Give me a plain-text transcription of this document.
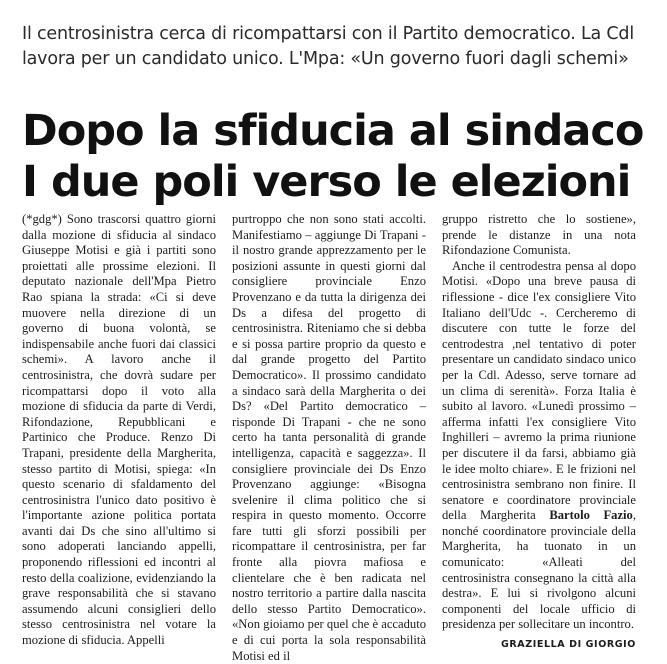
Il centrosinistra cerca di ricompattarsi con il Partito democratico. La Cdl lavora per un candidato unico. L'Mpa: «Un governo fuori dagli schemi»
Dopo la sfiducia al sindaco
I due poli verso le elezioni

(*gdg*) Sono trascorsi quattro giorni dalla mozione di sfiducia al sindaco Giuseppe Motisi e già i partiti sono proiettati alle prossime elezioni. Il deputato nazionale dell'Mpa Pietro Rao spiana la strada: «Ci si deve muovere nella direzione di un governo di buona volontà, se indispensabile anche fuori dai classici schemi». A lavoro anche il centrosinistra, che dovrà sudare per ricompattarsi dopo il voto alla mozione di sfiducia da parte di Verdi, Rifondazione, Repubblicani e Partinico che Produce. Renzo Di Trapani, presidente della Margherita, stesso partito di Motisi, spiega: «In questo scenario di sfaldamento del centrosinistra l'unico dato positivo è l'importante azione politica portata avanti dai Ds che sino all'ultimo si sono adoperati lanciando appelli, proponendo riflessioni ed incontri al resto della coalizione, evidenziando la grave responsabilità che si stavano assumendo alcuni consiglieri dello stesso centrosinistra nel votare la mozione di sfiducia. Appelli

purtroppo che non sono stati accolti. Manifestiamo – aggiunge Di Trapani - il nostro grande apprezzamento per le posizioni assunte in questi giorni dal consigliere provinciale Enzo Provenzano e da tutta la dirigenza dei Ds a difesa del progetto di centrosinistra. Riteniamo che si debba e si possa partire proprio da questo e dal grande progetto del Partito Democratico». Il prossimo candidato a sindaco sarà della Margherita o dei Ds? «Del Partito democratico – risponde Di Trapani - che ne sono certo ha tanta personalità di grande intelligenza, capacità e saggezza». Il consigliere provinciale dei Ds Enzo Provenzano aggiunge: «Bisogna svelenire il clima politico che si respira in questo momento. Occorre fare tutti gli sforzi possibili per ricompattare il centrosinistra, per far fronte alla piovra mafiosa e clientelare che è ben radicata nel nostro territorio a partire dalla nascita dello stesso Partito Democratico». «Non gioiamo per quel che è accaduto e di cui porta la sola responsabilità Motisi ed il

gruppo ristretto che lo sostiene», prende le distanze in una nota Rifondazione Comunista.

Anche il centrodestra pensa al dopo Motisi. «Dopo una breve pausa di riflessione - dice l'ex consigliere Vito Italiano dell'Udc -. Cercheremo di discutere con tutte le forze del centrodestra ,nel tentativo di poter presentare un candidato sindaco unico per la Cdl. Adesso, serve tornare ad un clima di serenità». Forza Italia è subito al lavoro. «Lunedì prossimo – afferma infatti l'ex consigliere Vito Inghilleri – avremo la prima riunione per discutere il da farsi, abbiamo già le idee molto chiare». E le frizioni nel centrosinistra sembrano non finire. Il senatore e coordinatore provinciale della Margherita Bartolo Fazio, nonché coordinatore provinciale della Margherita, ha tuonato in un comunicato: «Alleati del centrosinistra consegnano la città alla destra». E lui si rivolgono alcuni componenti del locale ufficio di presidenza per sollecitare un incontro.

GRAZIELLA DI GIORGIO
